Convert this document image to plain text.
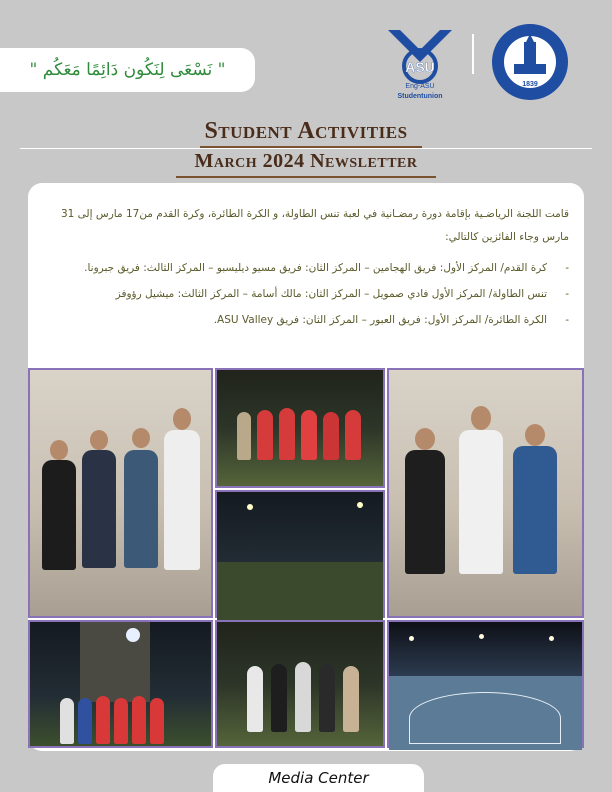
" نَسْعَى لِنَكُون دَائِمًا مَعَكُم "	ASU
Eng-ASU
Studentunion
1839
Student Activities
March 2024 Newsletter
قامت اللجنة الرياضـية بإقامة دورة رمضـانية في لعبة تنس الطاولة، و الكرة الطائرة، وكرة القدم من17 مارس إلى 31 مارس وجاء الفائزين كالتالي:
- كرة القدم/ المركز الأول: فريق الهجامين – المركز الثان: فريق مسيو ديليسبو – المركز الثالث: فريق جبرونا.
- تنس الطاولة/ المركز الأول فادي صمويل – المركز الثان: مالك أسامة – المركز الثالث: ميشيل رؤوفز
- الكرة الطائرة/ المركز الأول: فريق العبور – المركز الثان: فريق ASU Valley.
Media Center
